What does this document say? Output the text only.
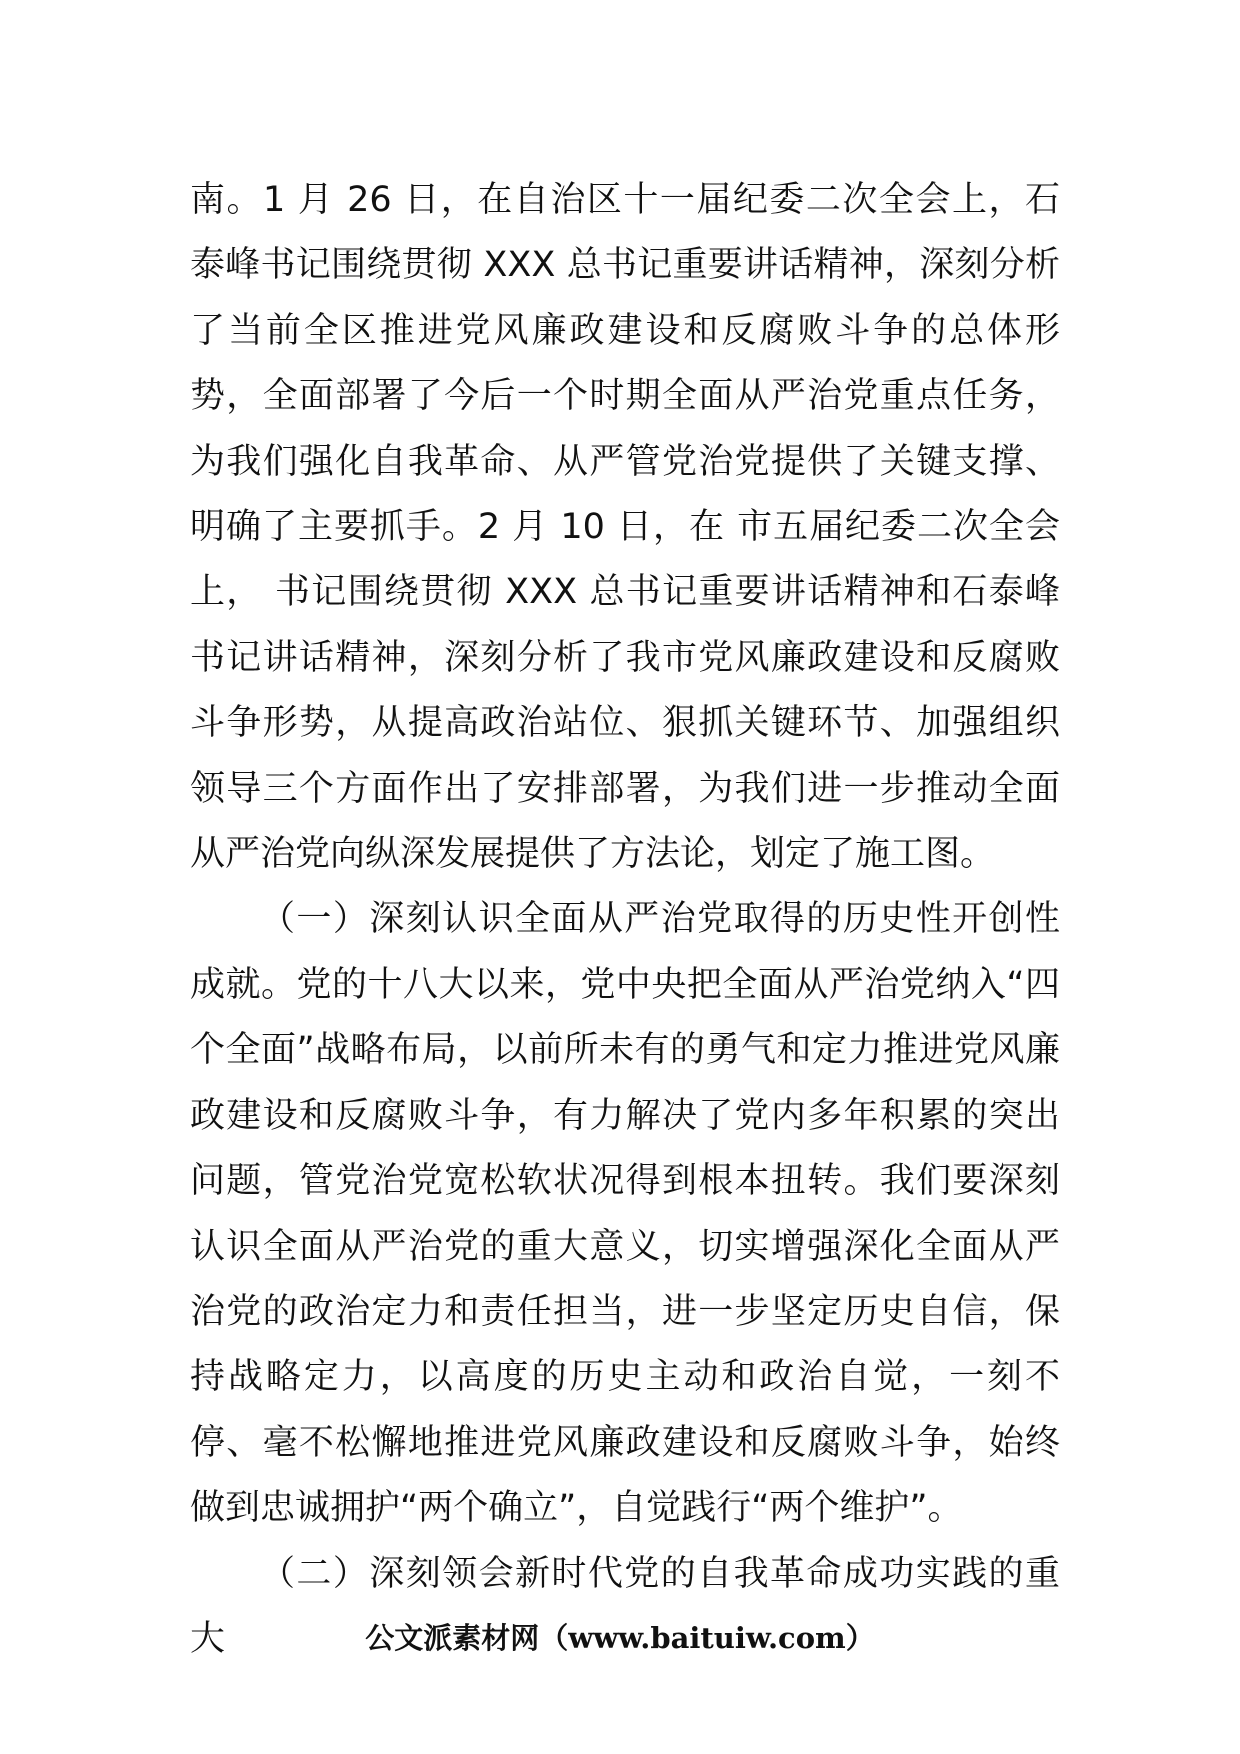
南。1 月 26 日，在自治区十一届纪委二次全会上，石泰峰书记围绕贯彻 XXX 总书记重要讲话精神，深刻分析了当前全区推进党风廉政建设和反腐败斗争的总体形势，全面部署了今后一个时期全面从严治党重点任务，为我们强化自我革命、从严管党治党提供了关键支撑、明确了主要抓手。2 月 10 日，在 市五届纪委二次全会上， 书记围绕贯彻 XXX 总书记重要讲话精神和石泰峰书记讲话精神，深刻分析了我市党风廉政建设和反腐败斗争形势，从提高政治站位、狠抓关键环节、加强组织领导三个方面作出了安排部署，为我们进一步推动全面从严治党向纵深发展提供了方法论，划定了施工图。

（一）深刻认识全面从严治党取得的历史性开创性成就。党的十八大以来，党中央把全面从严治党纳入“四个全面”战略布局，以前所未有的勇气和定力推进党风廉政建设和反腐败斗争，有力解决了党内多年积累的突出问题，管党治党宽松软状况得到根本扭转。我们要深刻认识全面从严治党的重大意义，切实增强深化全面从严治党的政治定力和责任担当，进一步坚定历史自信，保持战略定力，以高度的历史主动和政治自觉，一刻不停、毫不松懈地推进党风廉政建设和反腐败斗争，始终做到忠诚拥护“两个确立”，自觉践行“两个维护”。

（二）深刻领会新时代党的自我革命成功实践的重大	公文派素材网（www.baituiw.com）
